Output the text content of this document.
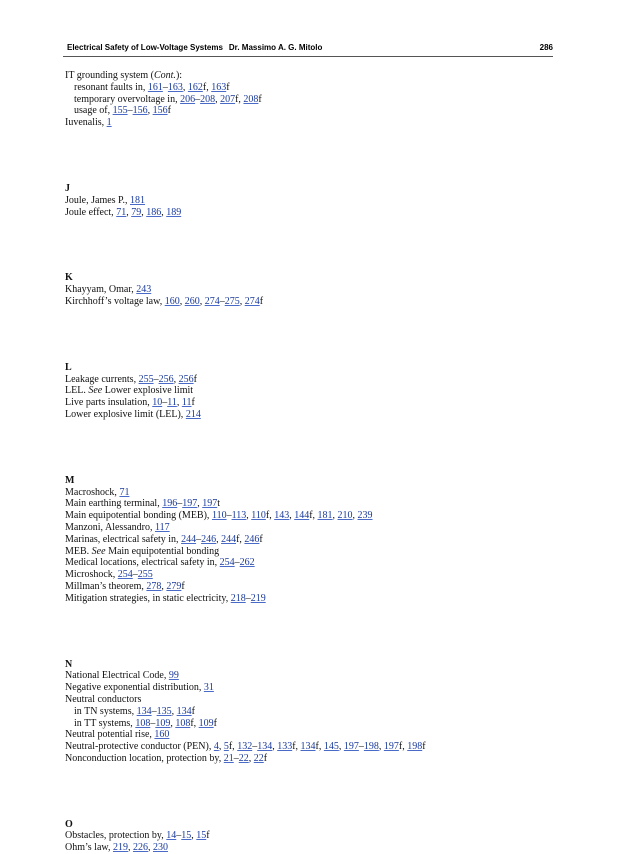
Electrical Safety of Low-Voltage Systems Dr. Massimo A. G. Mitolo	286
IT grounding system (Cont.):
resonant faults in, 161–163, 162f, 163f
temporary overvoltage in, 206–208, 207f, 208f
usage of, 155–156, 156f
Iuvenalis, 1
J
Joule, James P., 181
Joule effect, 71, 79, 186, 189
K
Khayyam, Omar, 243
Kirchhoff’s voltage law, 160, 260, 274–275, 274f
L
Leakage currents, 255–256, 256f
LEL. See Lower explosive limit
Live parts insulation, 10–11, 11f
Lower explosive limit (LEL), 214
M
Macroshock, 71
Main earthing terminal, 196–197, 197t
Main equipotential bonding (MEB), 110–113, 110f, 143, 144f, 181, 210, 239
Manzoni, Alessandro, 117
Marinas, electrical safety in, 244–246, 244f, 246f
MEB. See Main equipotential bonding
Medical locations, electrical safety in, 254–262
Microshock, 254–255
Millman’s theorem, 278, 279f
Mitigation strategies, in static electricity, 218–219
N
National Electrical Code, 99
Negative exponential distribution, 31
Neutral conductors
in TN systems, 134–135, 134f
in TT systems, 108–109, 108f, 109f
Neutral potential rise, 160
Neutral-protective conductor (PEN), 4, 5f, 132–134, 133f, 134f, 145, 197–198, 197f, 198f
Nonconduction location, protection by, 21–22, 22f
O
Obstacles, protection by, 14–15, 15f
Ohm’s law, 219, 226, 230
